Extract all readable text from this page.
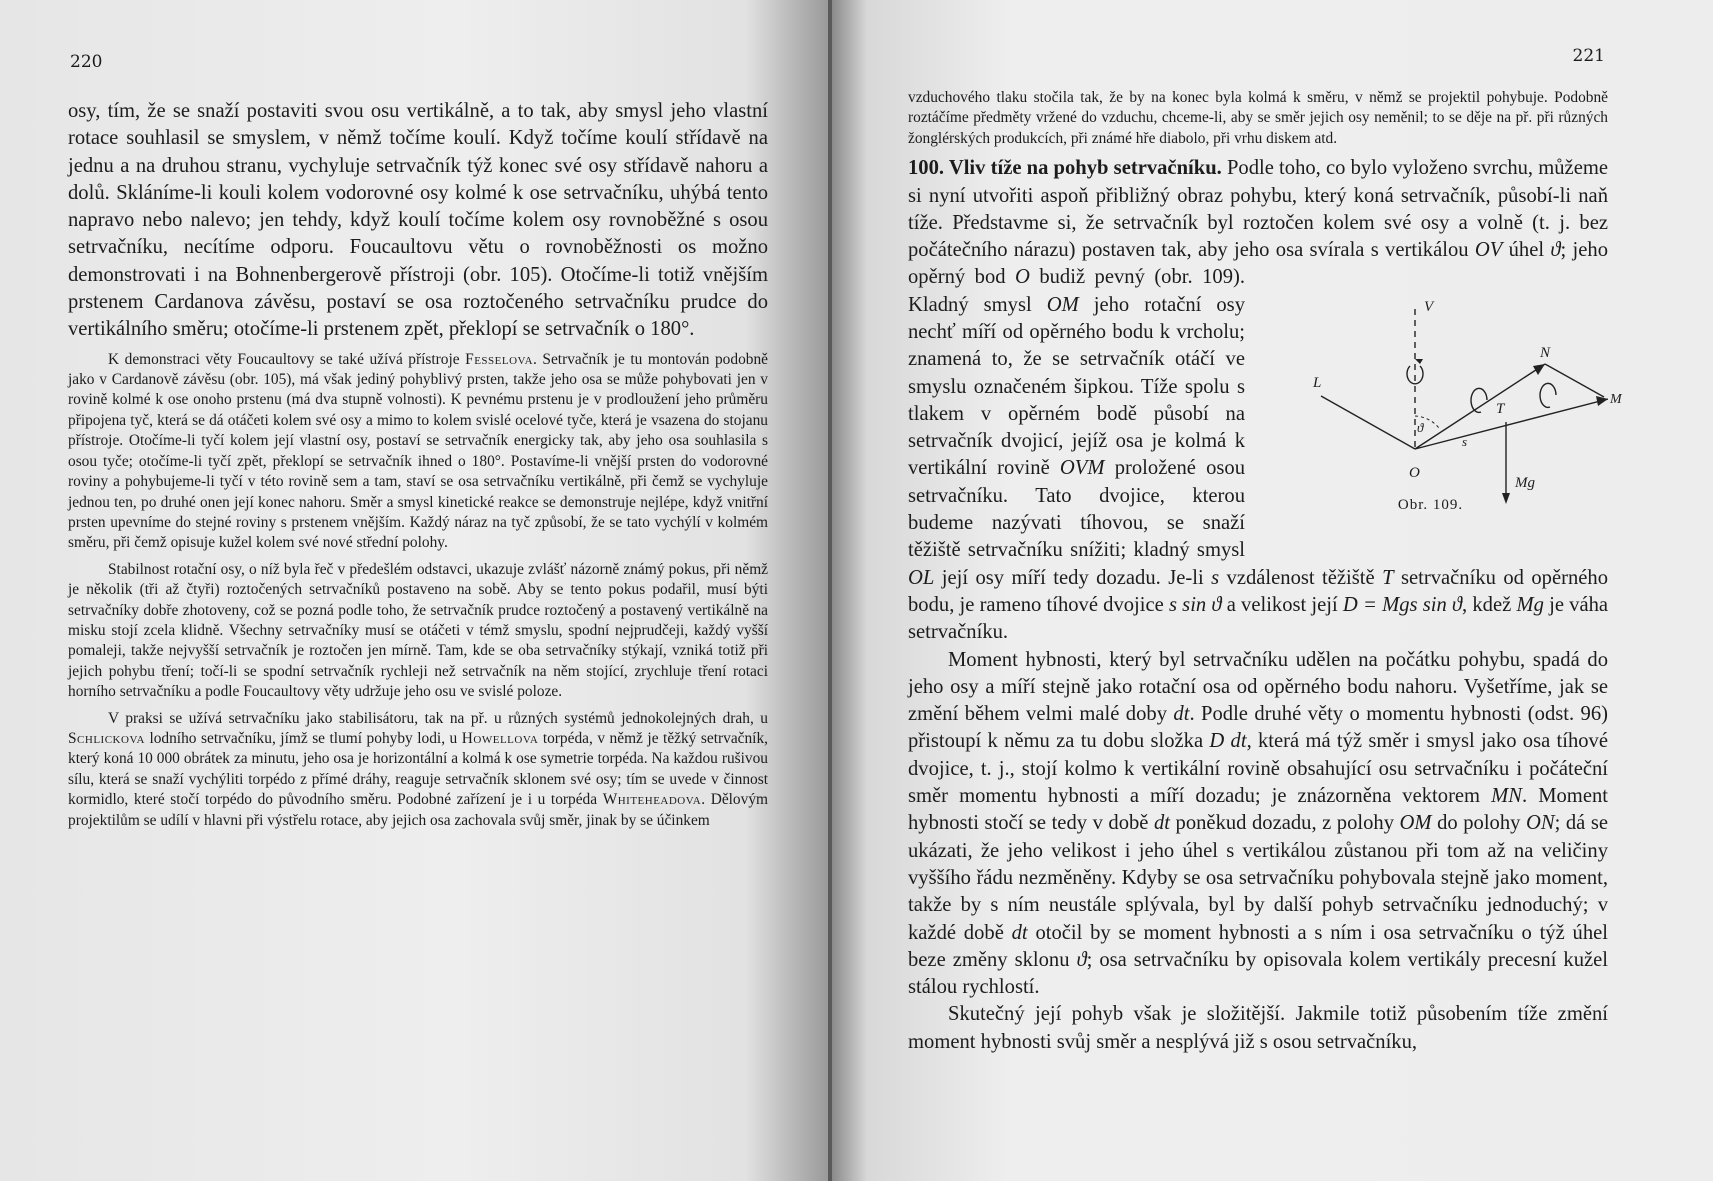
220

osy, tím, že se snaží postaviti svou osu vertikálně, a to tak, aby smysl jeho vlastní rotace souhlasil se smyslem, v němž točíme koulí. Když točíme koulí střídavě na jednu a na druhou stranu, vychyluje setrvačník týž konec své osy střídavě nahoru a dolů. Skláníme-li kouli kolem vodorovné osy kolmé k ose setrvačníku, uhýbá tento napravo nebo nalevo; jen tehdy, když koulí točíme kolem osy rovnoběžné s osou setrvačníku, necítíme odporu. Foucaultovu větu o rovnoběžnosti os možno demonstrovati i na Bohnenbergerově přístroji (obr. 105). Otočíme-li totiž vnějším prstenem Cardanova závěsu, postaví se osa roztočeného setrvačníku prudce do vertikálního směru; otočíme-li prstenem zpět, překlopí se setrvačník o 180°.

K demonstraci věty Foucaultovy se také užívá přístroje Fesselova. Setrvačník je tu montován podobně jako v Cardanově závěsu (obr. 105), má však jediný pohyblivý prsten, takže jeho osa se může pohybovati jen v rovině kolmé k ose onoho prstenu (má dva stupně volnosti). K pevnému prstenu je v prodloužení jeho průměru připojena tyč, která se dá otáčeti kolem své osy a mimo to kolem svislé ocelové tyče, která je vsazena do stojanu přístroje. Otočíme-li tyčí kolem její vlastní osy, postaví se setrvačník energicky tak, aby jeho osa souhlasila s osou tyče; otočíme-li tyčí zpět, překlopí se setrvačník ihned o 180°. Postavíme-li vnější prsten do vodorovné roviny a pohybujeme-li tyčí v této rovině sem a tam, staví se osa setrvačníku vertikálně, při čemž se vychyluje jednou ten, po druhé onen její konec nahoru. Směr a smysl kinetické reakce se demonstruje nejlépe, když vnitřní prsten upevníme do stejné roviny s prstenem vnějším. Každý náraz na tyč způsobí, že se tato vychýlí v kolmém směru, při čemž opisuje kužel kolem své nové střední polohy.

Stabilnost rotační osy, o níž byla řeč v předešlém odstavci, ukazuje zvlášť názorně známý pokus, při němž je několik (tři až čtyři) roztočených setrvačníků postaveno na sobě. Aby se tento pokus podařil, musí býti setrvačníky dobře zhotoveny, což se pozná podle toho, že setrvačník prudce roztočený a postavený vertikálně na misku stojí zcela klidně. Všechny setrvačníky musí se otáčeti v témž smyslu, spodní nejprudčeji, každý vyšší pomaleji, takže nejvyšší setrvačník je roztočen jen mírně. Tam, kde se oba setrvačníky stýkají, vzniká totiž při jejich pohybu tření; točí-li se spodní setrvačník rychleji než setrvačník na něm stojící, zrychluje tření rotaci horního setrvačníku a podle Foucaultovy věty udržuje jeho osu ve svislé poloze.

V praksi se užívá setrvačníku jako stabilisátoru, tak na př. u různých systémů jednokolejných drah, u Schlickova lodního setrvačníku, jímž se tlumí pohyby lodi, u Howellova torpéda, v němž je těžký setrvačník, který koná 10 000 obrátek za minutu, jeho osa je horizontální a kolmá k ose symetrie torpéda. Na každou rušivou sílu, která se snaží vychýliti torpédo z přímé dráhy, reaguje setrvačník sklonem své osy; tím se uvede v činnost kormidlo, které stočí torpédo do původního směru. Podobné zařízení je i u torpéda Whiteheadova. Dělovým projektilům se udílí v hlavni při výstřelu rotace, aby jejich osa zachovala svůj směr, jinak by se účinkem

221

vzduchového tlaku stočila tak, že by na konec byla kolmá k směru, v němž se projektil pohybuje. Podobně roztáčíme předměty vržené do vzduchu, chceme-li, aby se směr jejich osy neměnil; to se děje na př. při různých žonglérských produkcích, při známé hře diabolo, při vrhu diskem atd.

100. Vliv tíže na pohyb setrvačníku. Podle toho, co bylo vyloženo svrchu, můžeme si nyní utvořiti aspoň přibližný obraz pohybu, který koná setrvačník, působí-li naň tíže. Představme si, že setrvačník byl roztočen kolem své osy a volně (t. j. bez počátečního nárazu) postaven tak, aby jeho osa svírala s vertikálou OV úhel ϑ; jeho opěrný bod O
V
N
M
L
T
O
ϑ
s
Mg
Obr. 109.
budiž pevný (obr. 109). Kladný smysl OM jeho rotační osy nechť míří od opěrného bodu k vrcholu; znamená to, že se setrvačník otáčí ve smyslu označeném šipkou. Tíže spolu s tlakem v opěrném bodě působí na setrvačník dvojicí, jejíž osa je kolmá k vertikální rovině OVM proložené osou setrvačníku. Tato dvojice, kterou budeme nazývati tíhovou, se snaží těžiště setrvačníku snížiti; kladný smysl OL její osy míří tedy dozadu. Je-li s vzdálenost těžiště T setrvačníku od opěrného bodu, je rameno tíhové dvojice s sin ϑ a velikost její D = Mgs sin ϑ, kdež Mg je váha setrvačníku.

Moment hybnosti, který byl setrvačníku udělen na počátku pohybu, spadá do jeho osy a míří stejně jako rotační osa od opěrného bodu nahoru. Vyšetříme, jak se změní během velmi malé doby dt. Podle druhé věty o momentu hybnosti (odst. 96) přistoupí k němu za tu dobu složka D dt, která má týž směr i smysl jako osa tíhové dvojice, t. j., stojí kolmo k vertikální rovině obsahující osu setrvačníku i počáteční směr momentu hybnosti a míří dozadu; je znázorněna vektorem MN. Moment hybnosti stočí se tedy v době dt poněkud dozadu, z polohy OM do polohy ON; dá se ukázati, že jeho velikost i jeho úhel s vertikálou zůstanou při tom až na veličiny vyššího řádu nezměněny. Kdyby se osa setrvačníku pohybovala stejně jako moment, takže by s ním neustále splývala, byl by další pohyb setrvačníku jednoduchý; v každé době dt otočil by se moment hybnosti a s ním i osa setrvačníku o týž úhel beze změny sklonu ϑ; osa setrvačníku by opisovala kolem vertikály precesní kužel stálou rychlostí.

Skutečný její pohyb však je složitější. Jakmile totiž působením tíže změní moment hybnosti svůj směr a nesplývá již s osou setrvačníku,
